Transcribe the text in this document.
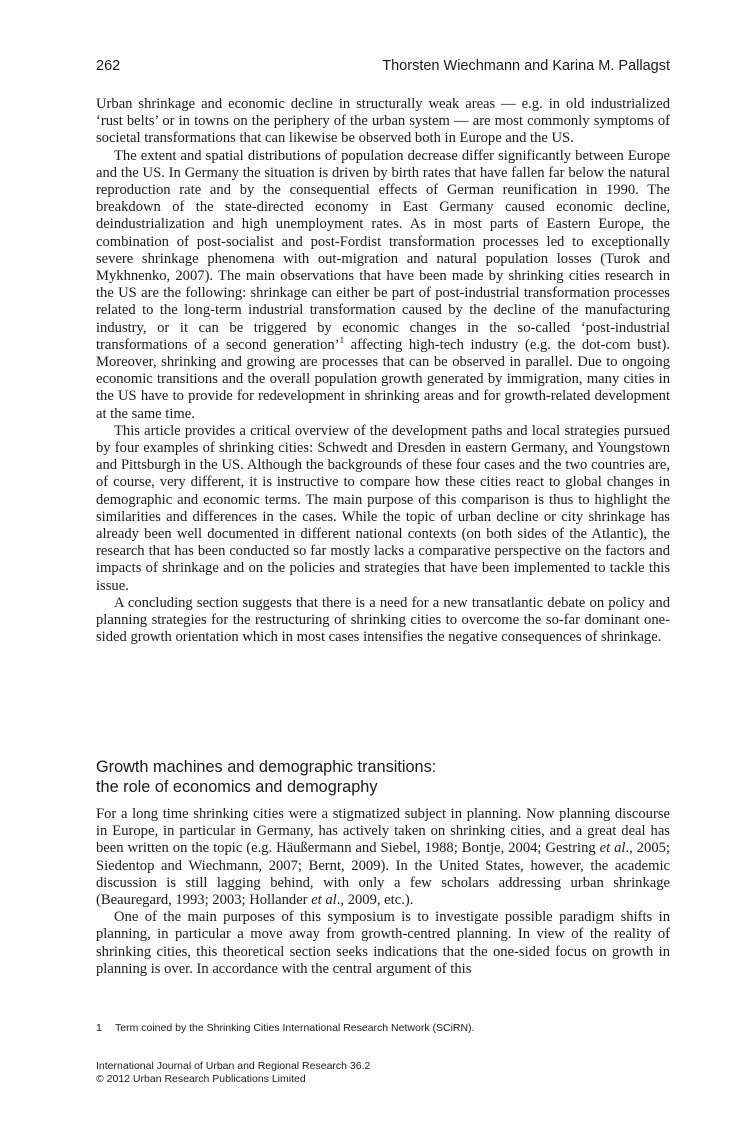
262	Thorsten Wiechmann and Karina M. Pallagst

Urban shrinkage and economic decline in structurally weak areas — e.g. in old industrialized ‘rust belts’ or in towns on the periphery of the urban system — are most commonly symptoms of societal transformations that can likewise be observed both in Europe and the US.

The extent and spatial distributions of population decrease differ significantly between Europe and the US. In Germany the situation is driven by birth rates that have fallen far below the natural reproduction rate and by the consequential effects of German reunification in 1990. The breakdown of the state-directed economy in East Germany caused economic decline, deindustrialization and high unemployment rates. As in most parts of Eastern Europe, the combination of post-socialist and post-Fordist transformation processes led to exceptionally severe shrinkage phenomena with out-migration and natural population losses (Turok and Mykhnenko, 2007). The main observations that have been made by shrinking cities research in the US are the following: shrinkage can either be part of post-industrial transformation processes related to the long-term industrial transformation caused by the decline of the manufacturing industry, or it can be triggered by economic changes in the so-called ‘post-industrial transformations of a second generation’$^1$ affecting high-tech industry (e.g. the dot-com bust). Moreover, shrinking and growing are processes that can be observed in parallel. Due to ongoing economic transitions and the overall population growth generated by immigration, many cities in the US have to provide for redevelopment in shrinking areas and for growth-related development at the same time.

This article provides a critical overview of the development paths and local strategies pursued by four examples of shrinking cities: Schwedt and Dresden in eastern Germany, and Youngstown and Pittsburgh in the US. Although the backgrounds of these four cases and the two countries are, of course, very different, it is instructive to compare how these cities react to global changes in demographic and economic terms. The main purpose of this comparison is thus to highlight the similarities and differences in the cases. While the topic of urban decline or city shrinkage has already been well documented in different national contexts (on both sides of the Atlantic), the research that has been conducted so far mostly lacks a comparative perspective on the factors and impacts of shrinkage and on the policies and strategies that have been implemented to tackle this issue.

A concluding section suggests that there is a need for a new transatlantic debate on policy and planning strategies for the restructuring of shrinking cities to overcome the so-far dominant one-sided growth orientation which in most cases intensifies the negative consequences of shrinkage.

Growth machines and demographic transitions:
the role of economics and demography

For a long time shrinking cities were a stigmatized subject in planning. Now planning discourse in Europe, in particular in Germany, has actively taken on shrinking cities, and a great deal has been written on the topic (e.g. Häußermann and Siebel, 1988; Bontje, 2004; Gestring et al., 2005; Siedentop and Wiechmann, 2007; Bernt, 2009). In the United States, however, the academic discussion is still lagging behind, with only a few scholars addressing urban shrinkage (Beauregard, 1993; 2003; Hollander et al., 2009, etc.).

One of the main purposes of this symposium is to investigate possible paradigm shifts in planning, in particular a move away from growth-centred planning. In view of the reality of shrinking cities, this theoretical section seeks indications that the one-sided focus on growth in planning is over. In accordance with the central argument of this

1 Term coined by the Shrinking Cities International Research Network (SCiRN).
International Journal of Urban and Regional Research 36.2
© 2012 Urban Research Publications Limited
